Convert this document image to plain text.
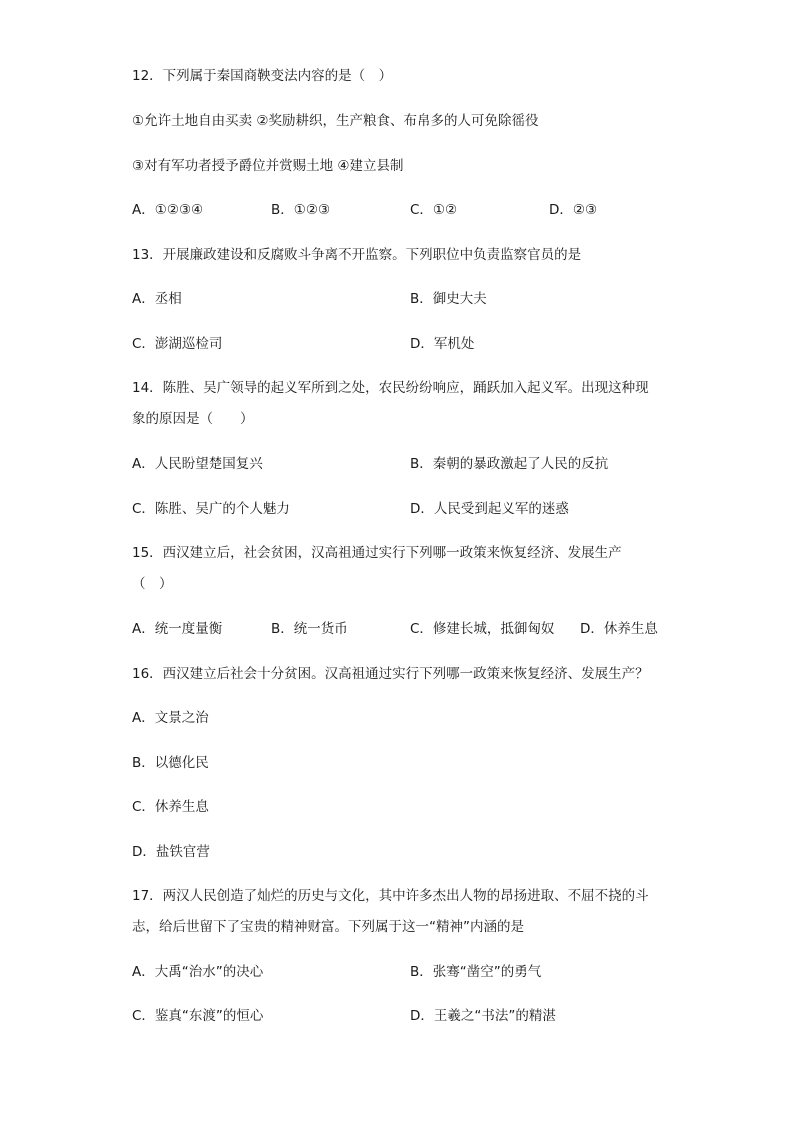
12．下列属于秦国商鞅变法内容的是（　）
①允许土地自由买卖 ②奖励耕织，生产粮食、布帛多的人可免除徭役
③对有军功者授予爵位并赏赐土地 ④建立县制
A．①②③④	B．①②③	C．①②	D．②③
13．开展廉政建设和反腐败斗争离不开监察。下列职位中负责监察官员的是
A．丞相	B．御史大夫
C．澎湖巡检司	D．军机处
14．陈胜、吴广领导的起义军所到之处，农民纷纷响应，踊跃加入起义军。出现这种现
象的原因是（　　）
A．人民盼望楚国复兴	B．秦朝的暴政激起了人民的反抗
C．陈胜、吴广的个人魅力	D．人民受到起义军的迷惑
15．西汉建立后，社会贫困，汉高祖通过实行下列哪一政策来恢复经济、发展生产
（　）
A．统一度量衡	B．统一货币	C．修建长城，抵御匈奴 D．休养生息
16．西汉建立后社会十分贫困。汉高祖通过实行下列哪一政策来恢复经济、发展生产？
A．文景之治
B．以德化民
C．休养生息
D．盐铁官营
17．两汉人民创造了灿烂的历史与文化，其中许多杰出人物的昂扬进取、不屈不挠的斗
志，给后世留下了宝贵的精神财富。下列属于这一“精神”内涵的是
A．大禹“治水”的决心	B．张骞“凿空”的勇气
C．鉴真“东渡”的恒心	D．王羲之“书法”的精湛
